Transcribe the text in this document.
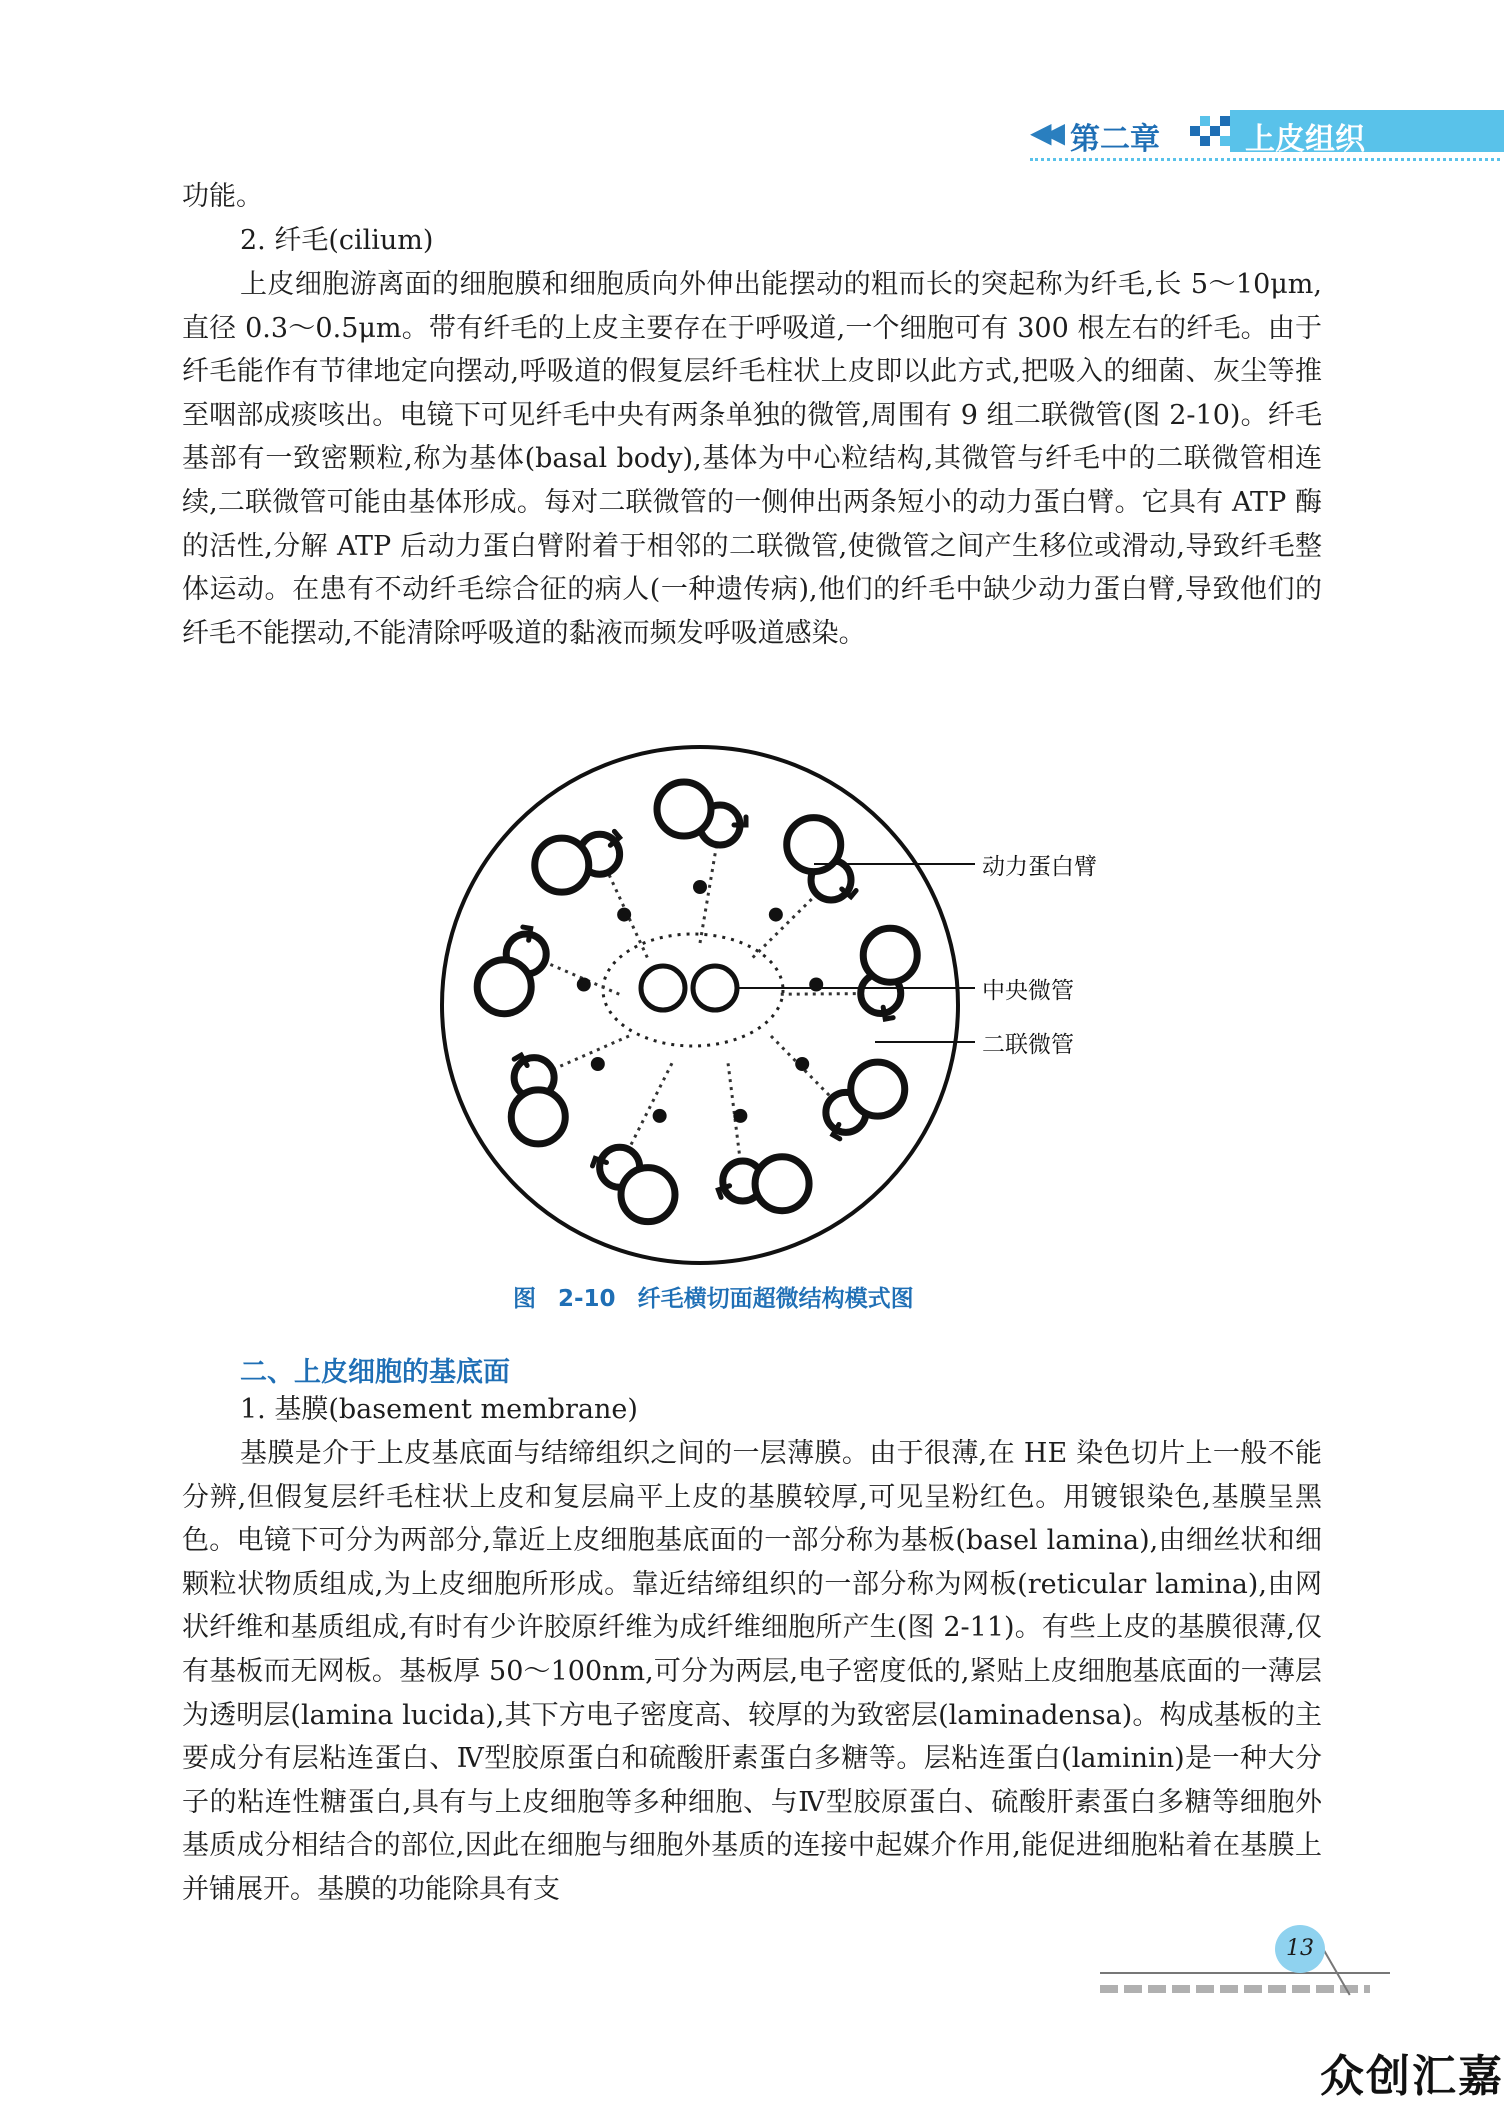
◀◀ 第二章	上皮组织

功能。

2. 纤毛(cilium)

上皮细胞游离面的细胞膜和细胞质向外伸出能摆动的粗而长的突起称为纤毛,长 5～10μm,直径 0.3～0.5μm。带有纤毛的上皮主要存在于呼吸道,一个细胞可有 300 根左右的纤毛。由于纤毛能作有节律地定向摆动,呼吸道的假复层纤毛柱状上皮即以此方式,把吸入的细菌、灰尘等推至咽部成痰咳出。电镜下可见纤毛中央有两条单独的微管,周围有 9 组二联微管(图 2-10)。纤毛基部有一致密颗粒,称为基体(basal body),基体为中心粒结构,其微管与纤毛中的二联微管相连续,二联微管可能由基体形成。每对二联微管的一侧伸出两条短小的动力蛋白臂。它具有 ATP 酶的活性,分解 ATP 后动力蛋白臂附着于相邻的二联微管,使微管之间产生移位或滑动,导致纤毛整体运动。在患有不动纤毛综合征的病人(一种遗传病),他们的纤毛中缺少动力蛋白臂,导致他们的纤毛不能摆动,不能清除呼吸道的黏液而频发呼吸道感染。

动力蛋白臂
中央微管
二联微管

图 2-10 纤毛横切面超微结构模式图

二、上皮细胞的基底面

1. 基膜(basement membrane)

基膜是介于上皮基底面与结缔组织之间的一层薄膜。由于很薄,在 HE 染色切片上一般不能分辨,但假复层纤毛柱状上皮和复层扁平上皮的基膜较厚,可见呈粉红色。用镀银染色,基膜呈黑色。电镜下可分为两部分,靠近上皮细胞基底面的一部分称为基板(basel lamina),由细丝状和细颗粒状物质组成,为上皮细胞所形成。靠近结缔组织的一部分称为网板(reticular lamina),由网状纤维和基质组成,有时有少许胶原纤维为成纤维细胞所产生(图 2-11)。有些上皮的基膜很薄,仅有基板而无网板。基板厚 50～100nm,可分为两层,电子密度低的,紧贴上皮细胞基底面的一薄层为透明层(lamina lucida),其下方电子密度高、较厚的为致密层(laminadensa)。构成基板的主要成分有层粘连蛋白、Ⅳ型胶原蛋白和硫酸肝素蛋白多糖等。层粘连蛋白(laminin)是一种大分子的粘连性糖蛋白,具有与上皮细胞等多种细胞、与Ⅳ型胶原蛋白、硫酸肝素蛋白多糖等细胞外基质成分相结合的部位,因此在细胞与细胞外基质的连接中起媒介作用,能促进细胞粘着在基膜上并铺展开。基膜的功能除具有支

13
众创汇嘉
